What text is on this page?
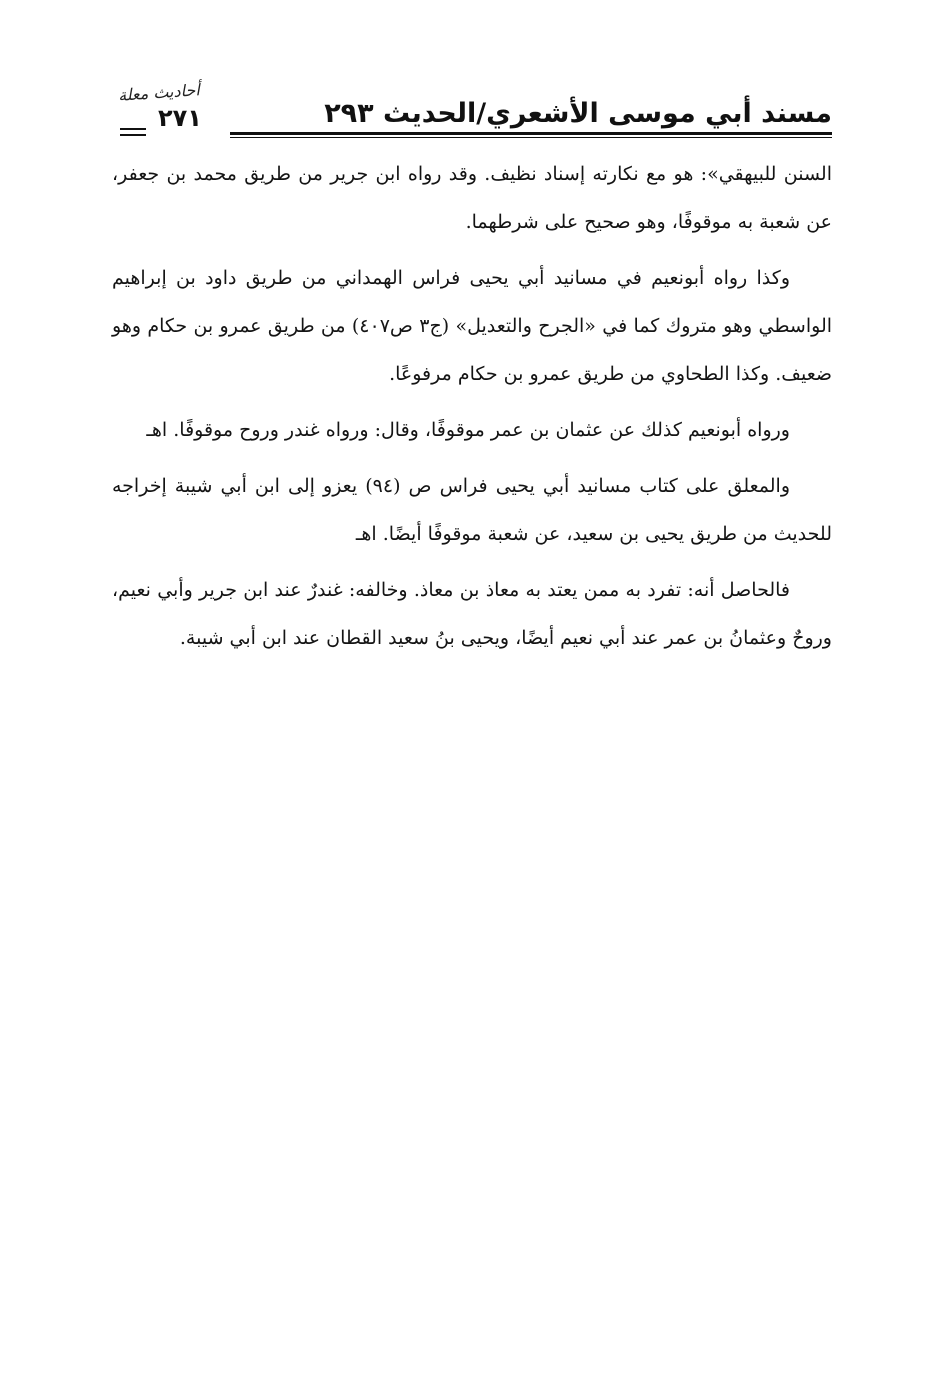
مسند أبي موسى الأشعري/الحديث ٢٩٣
أحاديث معلة
٢٧١

السنن للبيهقي»: هو مع نكارته إسناد نظيف. وقد رواه ابن جرير من طريق محمد بن جعفر، عن شعبة به موقوفًا، وهو صحيح على شرطهما.

وكذا رواه أبونعيم في مسانيد أبي يحيى فراس الهمداني من طريق داود بن إبراهيم الواسطي وهو متروك كما في «الجرح والتعديل» (ج٣ ص٤٠٧) من طريق عمرو بن حكام وهو ضعيف. وكذا الطحاوي من طريق عمرو بن حكام مرفوعًا.

ورواه أبونعيم كذلك عن عثمان بن عمر موقوفًا، وقال: ورواه غندر وروح موقوفًا. اهـ

والمعلق على كتاب مسانيد أبي يحيى فراس ص (٩٤) يعزو إلى ابن أبي شيبة إخراجه للحديث من طريق يحيى بن سعيد، عن شعبة موقوفًا أيضًا. اهـ

فالحاصل أنه: تفرد به ممن يعتد به معاذ بن معاذ. وخالفه: غندرٌ عند ابن جرير وأبي نعيم، وروحٌ وعثمانُ بن عمر عند أبي نعيم أيضًا، ويحيى بنُ سعيد القطان عند ابن أبي شيبة.
